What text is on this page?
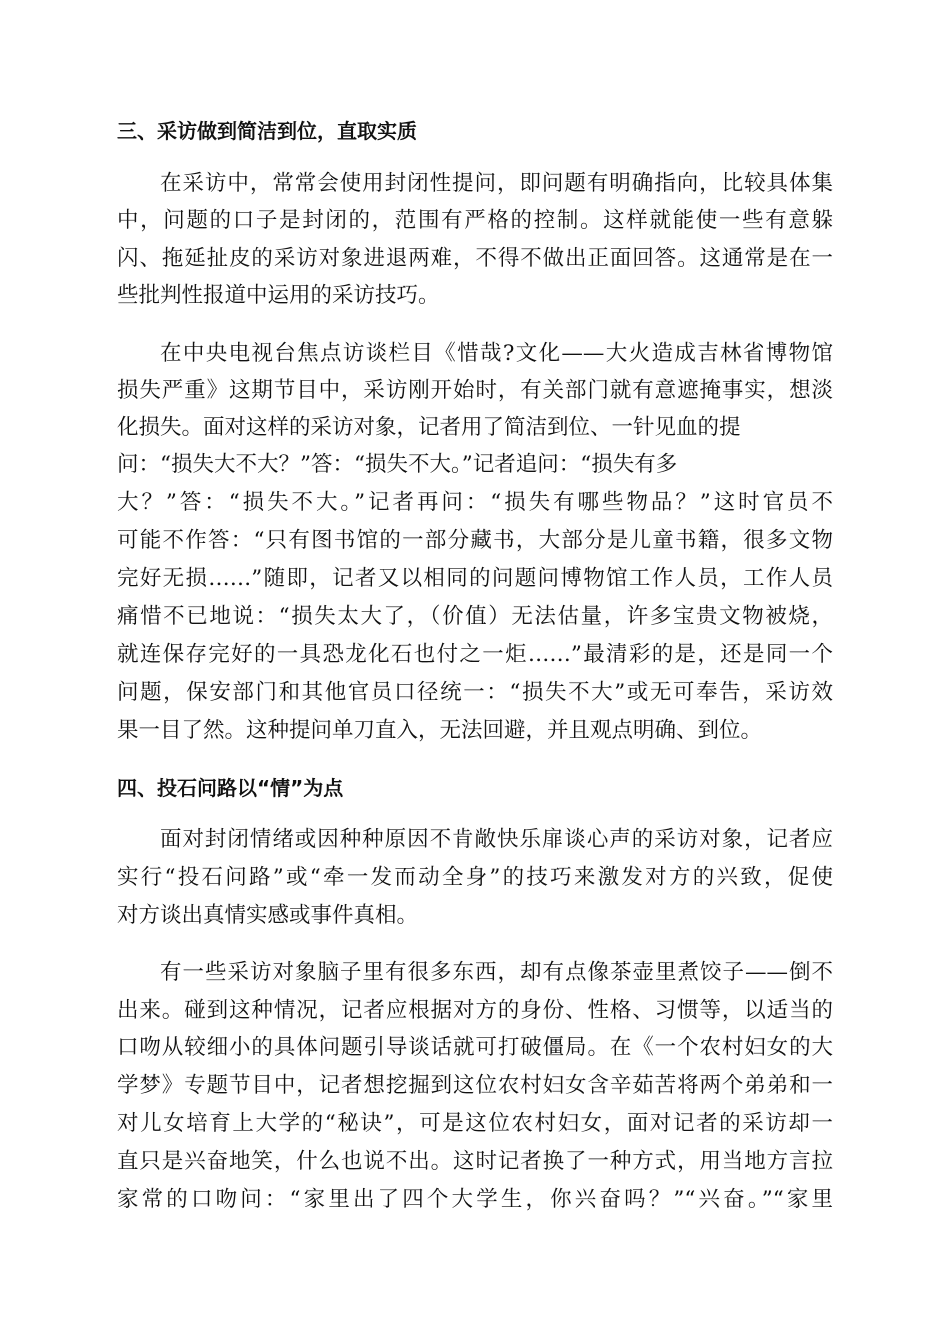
三、采访做到简洁到位，直取实质
在采访中，常常会使用封闭性提问，即问题有明确指向，比较具体集
中，问题的口子是封闭的，范围有严格的控制。这样就能使一些有意躲
闪、拖延扯皮的采访对象进退两难，不得不做出正面回答。这通常是在一
些批判性报道中运用的采访技巧。
在中央电视台焦点访谈栏目《惜哉?文化——大火造成吉林省博物馆
损失严重》这期节目中，采访刚开始时，有关部门就有意遮掩事实，想淡
化损失。面对这样的采访对象，记者用了简洁到位、一针见血的提
问：“损失大不大？”答：“损失不大。”记者追问：“损失有多
大？”答：“损失不大。”记者再问：“损失有哪些物品？”这时官员不
可能不作答：“只有图书馆的一部分藏书，大部分是儿童书籍，很多文物
完好无损……”随即，记者又以相同的问题问博物馆工作人员，工作人员
痛惜不已地说：“损失太大了，（价值）无法估量，许多宝贵文物被烧，
就连保存完好的一具恐龙化石也付之一炬……”最清彩的是，还是同一个
问题，保安部门和其他官员口径统一：“损失不大”或无可奉告，采访效
果一目了然。这种提问单刀直入，无法回避，并且观点明确、到位。
四、投石问路以“情”为点
面对封闭情绪或因种种原因不肯敞快乐扉谈心声的采访对象，记者应
实行“投石问路”或“牵一发而动全身”的技巧来激发对方的兴致，促使
对方谈出真情实感或事件真相。
有一些采访对象脑子里有很多东西，却有点像茶壶里煮饺子——倒不
出来。碰到这种情况，记者应根据对方的身份、性格、习惯等，以适当的
口吻从较细小的具体问题引导谈话就可打破僵局。在《一个农村妇女的大
学梦》专题节目中，记者想挖掘到这位农村妇女含辛茹苦将两个弟弟和一
对儿女培育上大学的“秘诀”，可是这位农村妇女，面对记者的采访却一
直只是兴奋地笑，什么也说不出。这时记者换了一种方式，用当地方言拉
家常的口吻问：“家里出了四个大学生，你兴奋吗？”“兴奋。”“家里
